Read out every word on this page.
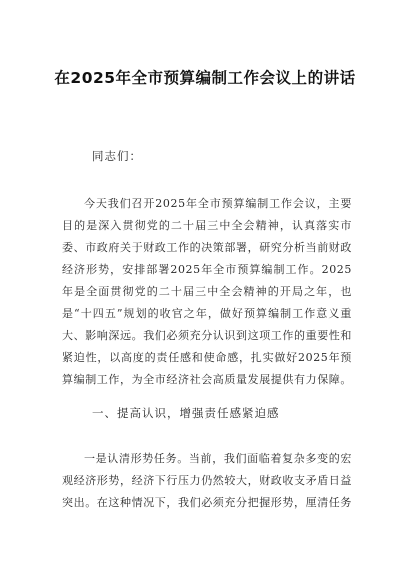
在2025年全市预算编制工作会议上的讲话
同志们：

今天我们召开2025年全市预算编制工作会议，主要目的是深入贯彻党的二十届三中全会精神，认真落实市委、市政府关于财政工作的决策部署，研究分析当前财政经济形势，安排部署2025年全市预算编制工作。2025年是全面贯彻党的二十届三中全会精神的开局之年，也是“十四五”规划的收官之年，做好预算编制工作意义重大、影响深远。我们必须充分认识到这项工作的重要性和紧迫性，以高度的责任感和使命感，扎实做好2025年预算编制工作，为全市经济社会高质量发展提供有力保障。

一、提高认识，增强责任感紧迫感

一是认清形势任务。当前，我们面临着复杂多变的宏观经济形势，经济下行压力仍然较大，财政收支矛盾日益突出。在这种情况下，我们必须充分把握形势，厘清任务
